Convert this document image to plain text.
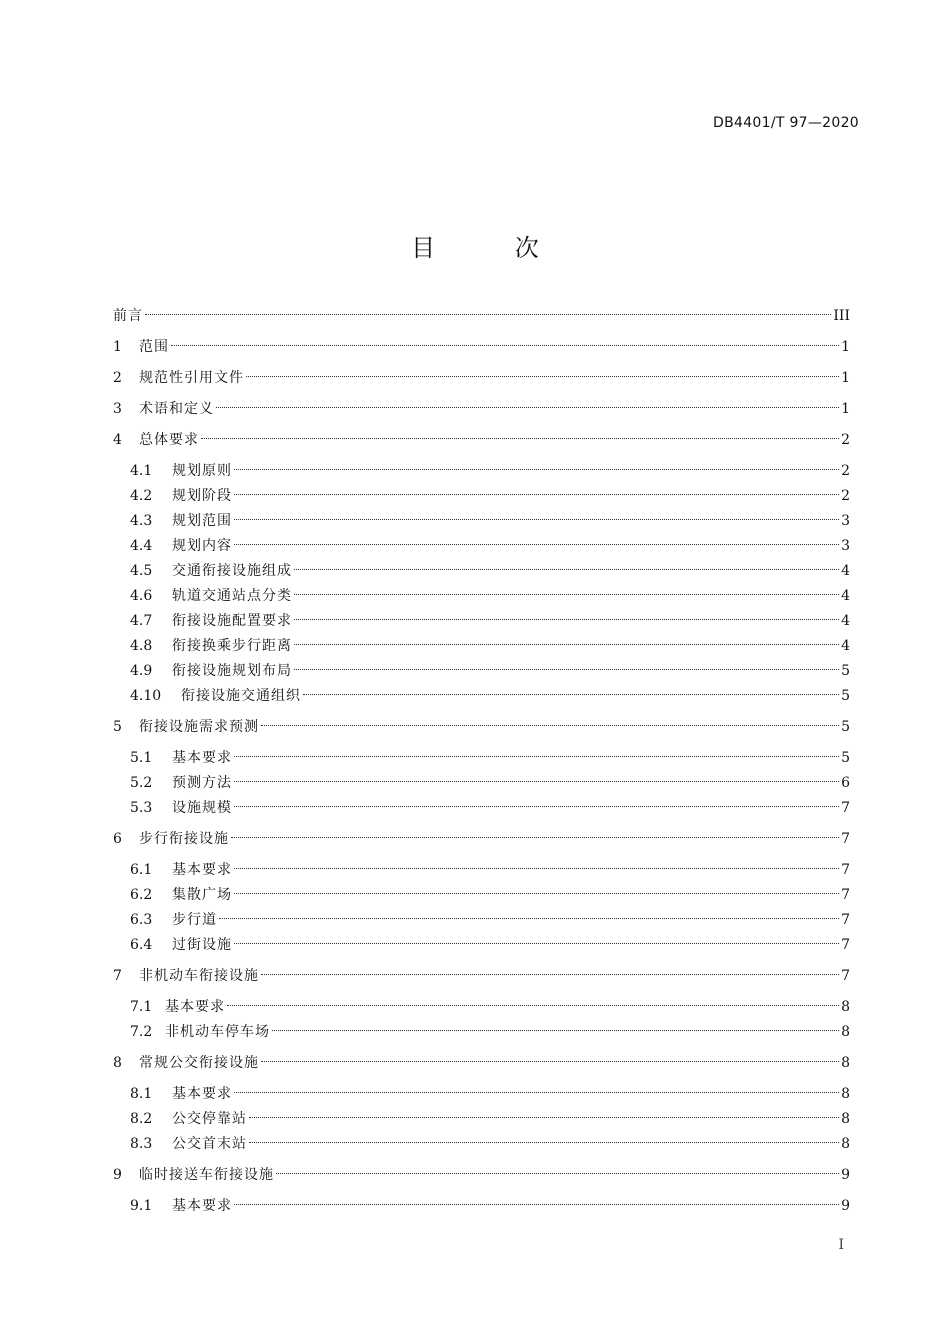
DB4401/T 97—2020
目 次
前言	III
1	范围	1
2	规范性引用文件	1
3	术语和定义	1
4	总体要求	2
4.1	规划原则	2
4.2	规划阶段	2
4.3	规划范围	3
4.4	规划内容	3
4.5	交通衔接设施组成	4
4.6	轨道交通站点分类	4
4.7	衔接设施配置要求	4
4.8	衔接换乘步行距离	4
4.9	衔接设施规划布局	5
4.10	衔接设施交通组织	5
5	衔接设施需求预测	5
5.1	基本要求	5
5.2	预测方法	6
5.3	设施规模	7
6	步行衔接设施	7
6.1	基本要求	7
6.2	集散广场	7
6.3	步行道	7
6.4	过街设施	7
7	非机动车衔接设施	7
7.1 基本要求	8
7.2 非机动车停车场	8
8	常规公交衔接设施	8
8.1	基本要求	8
8.2	公交停靠站	8
8.3	公交首末站	8
9	临时接送车衔接设施	9
9.1	基本要求	9
I
